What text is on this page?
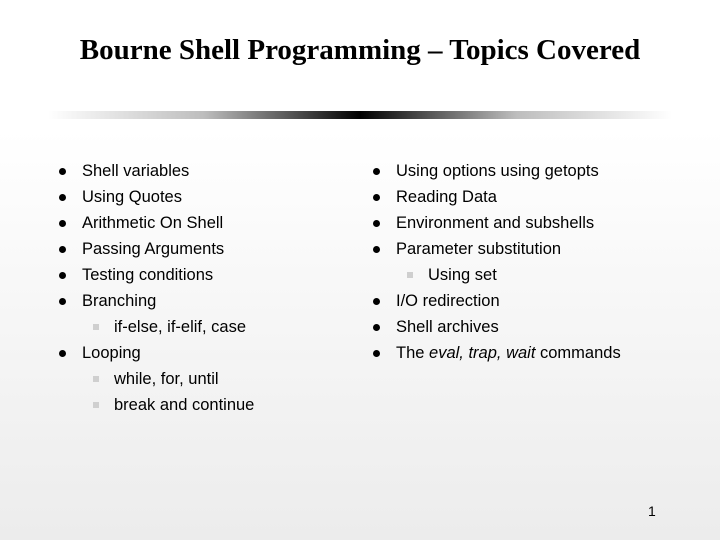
Bourne Shell Programming – Topics Covered
Shell variables
Using Quotes
Arithmetic On Shell
Passing Arguments
Testing conditions
Branching
if-else, if-elif, case
Looping
while, for, until
break and continue
Using options using getopts
Reading Data
Environment and subshells
Parameter substitution
Using set
I/O redirection
Shell archives
The eval, trap, wait commands
1
